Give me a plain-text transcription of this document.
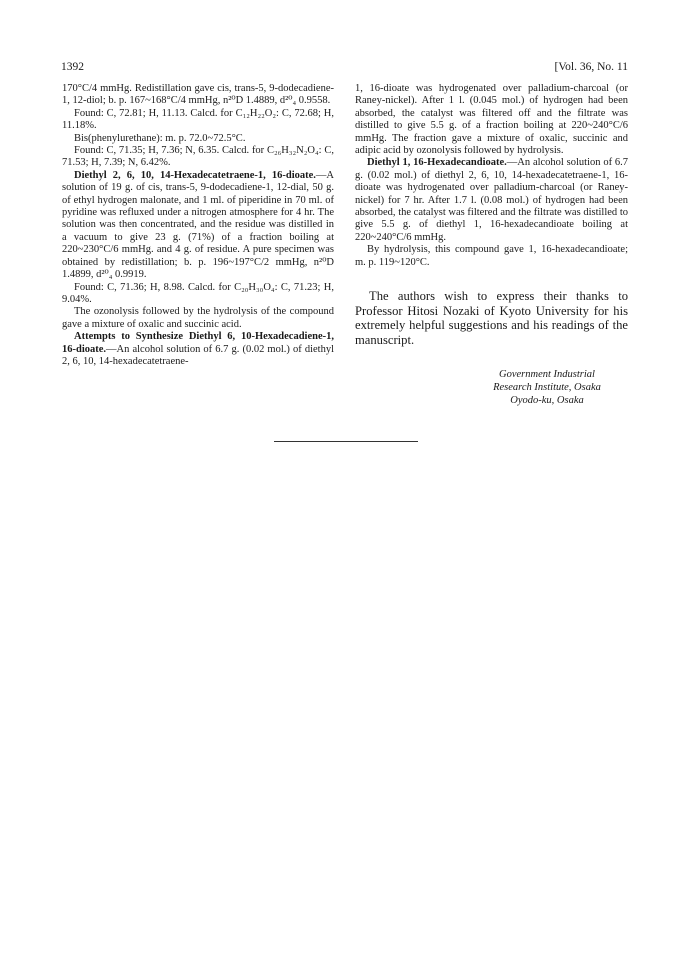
1392	[Vol. 36, No. 11

170°C/4 mmHg. Redistillation gave cis, trans-5, 9-dodecadiene-1, 12-diol; b. p. 167~168°C/4 mmHg, n²⁰D 1.4889, d²⁰₄ 0.9558.

Found: C, 72.81; H, 11.13. Calcd. for C₁₂H₂₂O₂: C, 72.68; H, 11.18%.

Bis(phenylurethane): m. p. 72.0~72.5°C.

Found: C, 71.35; H, 7.36; N, 6.35. Calcd. for C₂₆H₃₂N₂O₄: C, 71.53; H, 7.39; N, 6.42%.

Diethyl 2, 6, 10, 14-Hexadecatetraene-1, 16-dioate.—A solution of 19 g. of cis, trans-5, 9-dodecadiene-1, 12-dial, 50 g. of ethyl hydrogen malonate, and 1 ml. of piperidine in 70 ml. of pyridine was refluxed under a nitrogen atmosphere for 4 hr. The solution was then concentrated, and the residue was distilled in a vacuum to give 23 g. (71%) of a fraction boiling at 220~230°C/6 mmHg. and 4 g. of residue. A pure specimen was obtained by redistillation; b. p. 196~197°C/2 mmHg, n²⁰D 1.4899, d²⁰₄ 0.9919.

Found: C, 71.36; H, 8.98. Calcd. for C₂₀H₃₀O₄: C, 71.23; H, 9.04%.

The ozonolysis followed by the hydrolysis of the compound gave a mixture of oxalic and succinic acid.

Attempts to Synthesize Diethyl 6, 10-Hexadecadiene-1, 16-dioate.—An alcohol solution of 6.7 g. (0.02 mol.) of diethyl 2, 6, 10, 14-hexadecatetraene-

1, 16-dioate was hydrogenated over palladium-charcoal (or Raney-nickel). After 1 l. (0.045 mol.) of hydrogen had been absorbed, the catalyst was filtered off and the filtrate was distilled to give 5.5 g. of a fraction boiling at 220~240°C/6 mmHg. The fraction gave a mixture of oxalic, succinic and adipic acid by ozonolysis followed by hydrolysis.

Diethyl 1, 16-Hexadecandioate.—An alcohol solution of 6.7 g. (0.02 mol.) of diethyl 2, 6, 10, 14-hexadecatetraene-1, 16-dioate was hydrogenated over palladium-charcoal (or Raney-nickel) for 7 hr. After 1.7 l. (0.08 mol.) of hydrogen had been absorbed, the catalyst was filtered and the filtrate was distilled to give 5.5 g. of diethyl 1, 16-hexadecandioate boiling at 220~240°C/6 mmHg.

By hydrolysis, this compound gave 1, 16-hexadecandioate; m. p. 119~120°C.

The authors wish to express their thanks to Professor Hitosi Nozaki of Kyoto University for his extremely helpful suggestions and his readings of the manuscript.

Government Industrial
Research Institute, Osaka
Oyodo-ku, Osaka
